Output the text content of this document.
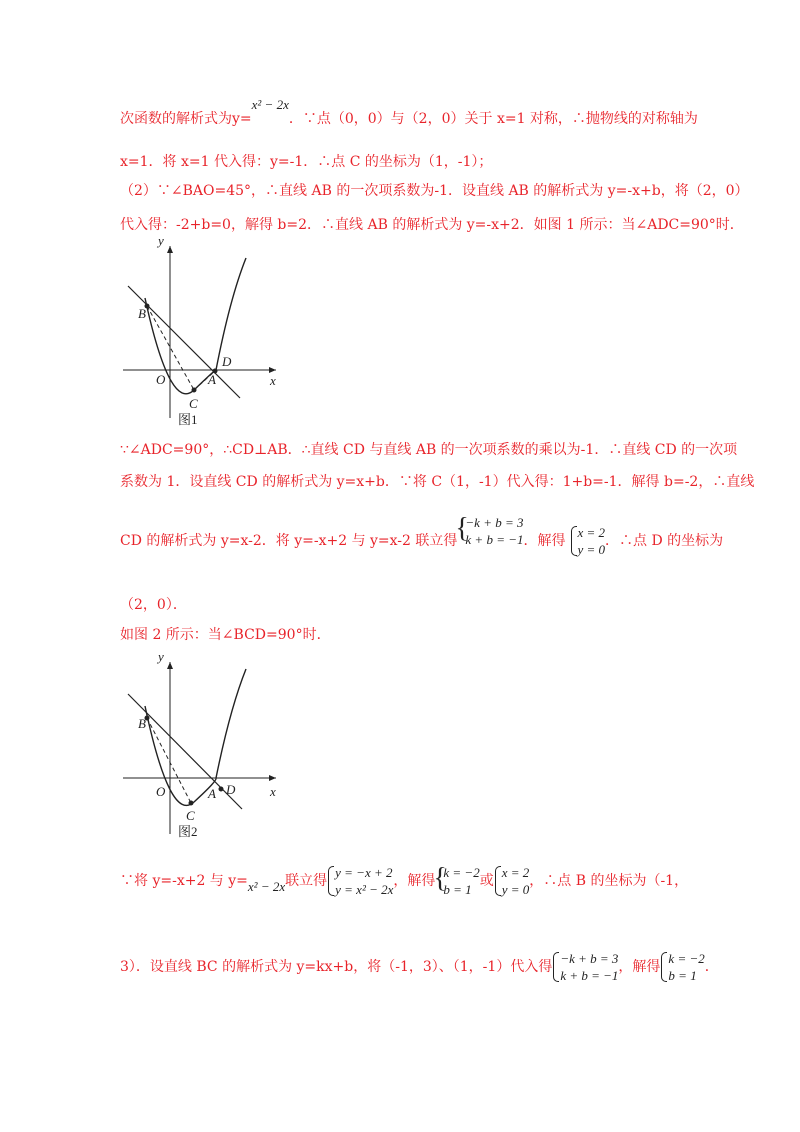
次函数的解析式为y=x² − 2x．∵点（0，0）与（2，0）关于 x=1 对称，∴抛物线的对称轴为
x=1．将 x=1 代入得：y=-1．∴点 C 的坐标为（1，-1）；
（2）∵∠BAO=45°，∴直线 AB 的一次项系数为-1．设直线 AB 的解析式为 y=-x+b，将（2，0）
代入得：-2+b=0，解得 b=2．∴直线 AB 的解析式为 y=-x+2．如图 1 所示：当∠ADC=90°时．
y
x
O
B
C
A
D
图1
∵∠ADC=90°，∴CD⊥AB．∴直线 CD 与直线 AB 的一次项系数的乘以为-1．∴直线 CD 的一次项
系数为 1．设直线 CD 的解析式为 y=x+b．∵将 C（1，-1）代入得：1+b=-1．解得 b=-2，∴直线
CD 的解析式为 y=x-2．将 y=-x+2 与 y=x-2 联立得
{ −k + b = 3
k + b = −1 ．解得
x = 2
y = 0
．∴点 D 的坐标为
（2，0）．
如图 2 所示：当∠BCD=90°时．
y
x
O
B
C
A D
图2
∵将 y=-x+2 与 y=x² − 2x联立得
y = −x + 2
y = x² − 2x
，解得
{ k = −2
b = 1
或
x = 2
y = 0
，∴点 B 的坐标为（-1，
3）．设直线 BC 的解析式为 y=kx+b，将（-1，3）、（1，-1）代入得
−k + b = 3
k + b = −1
，解得
k = −2
b = 1
．
